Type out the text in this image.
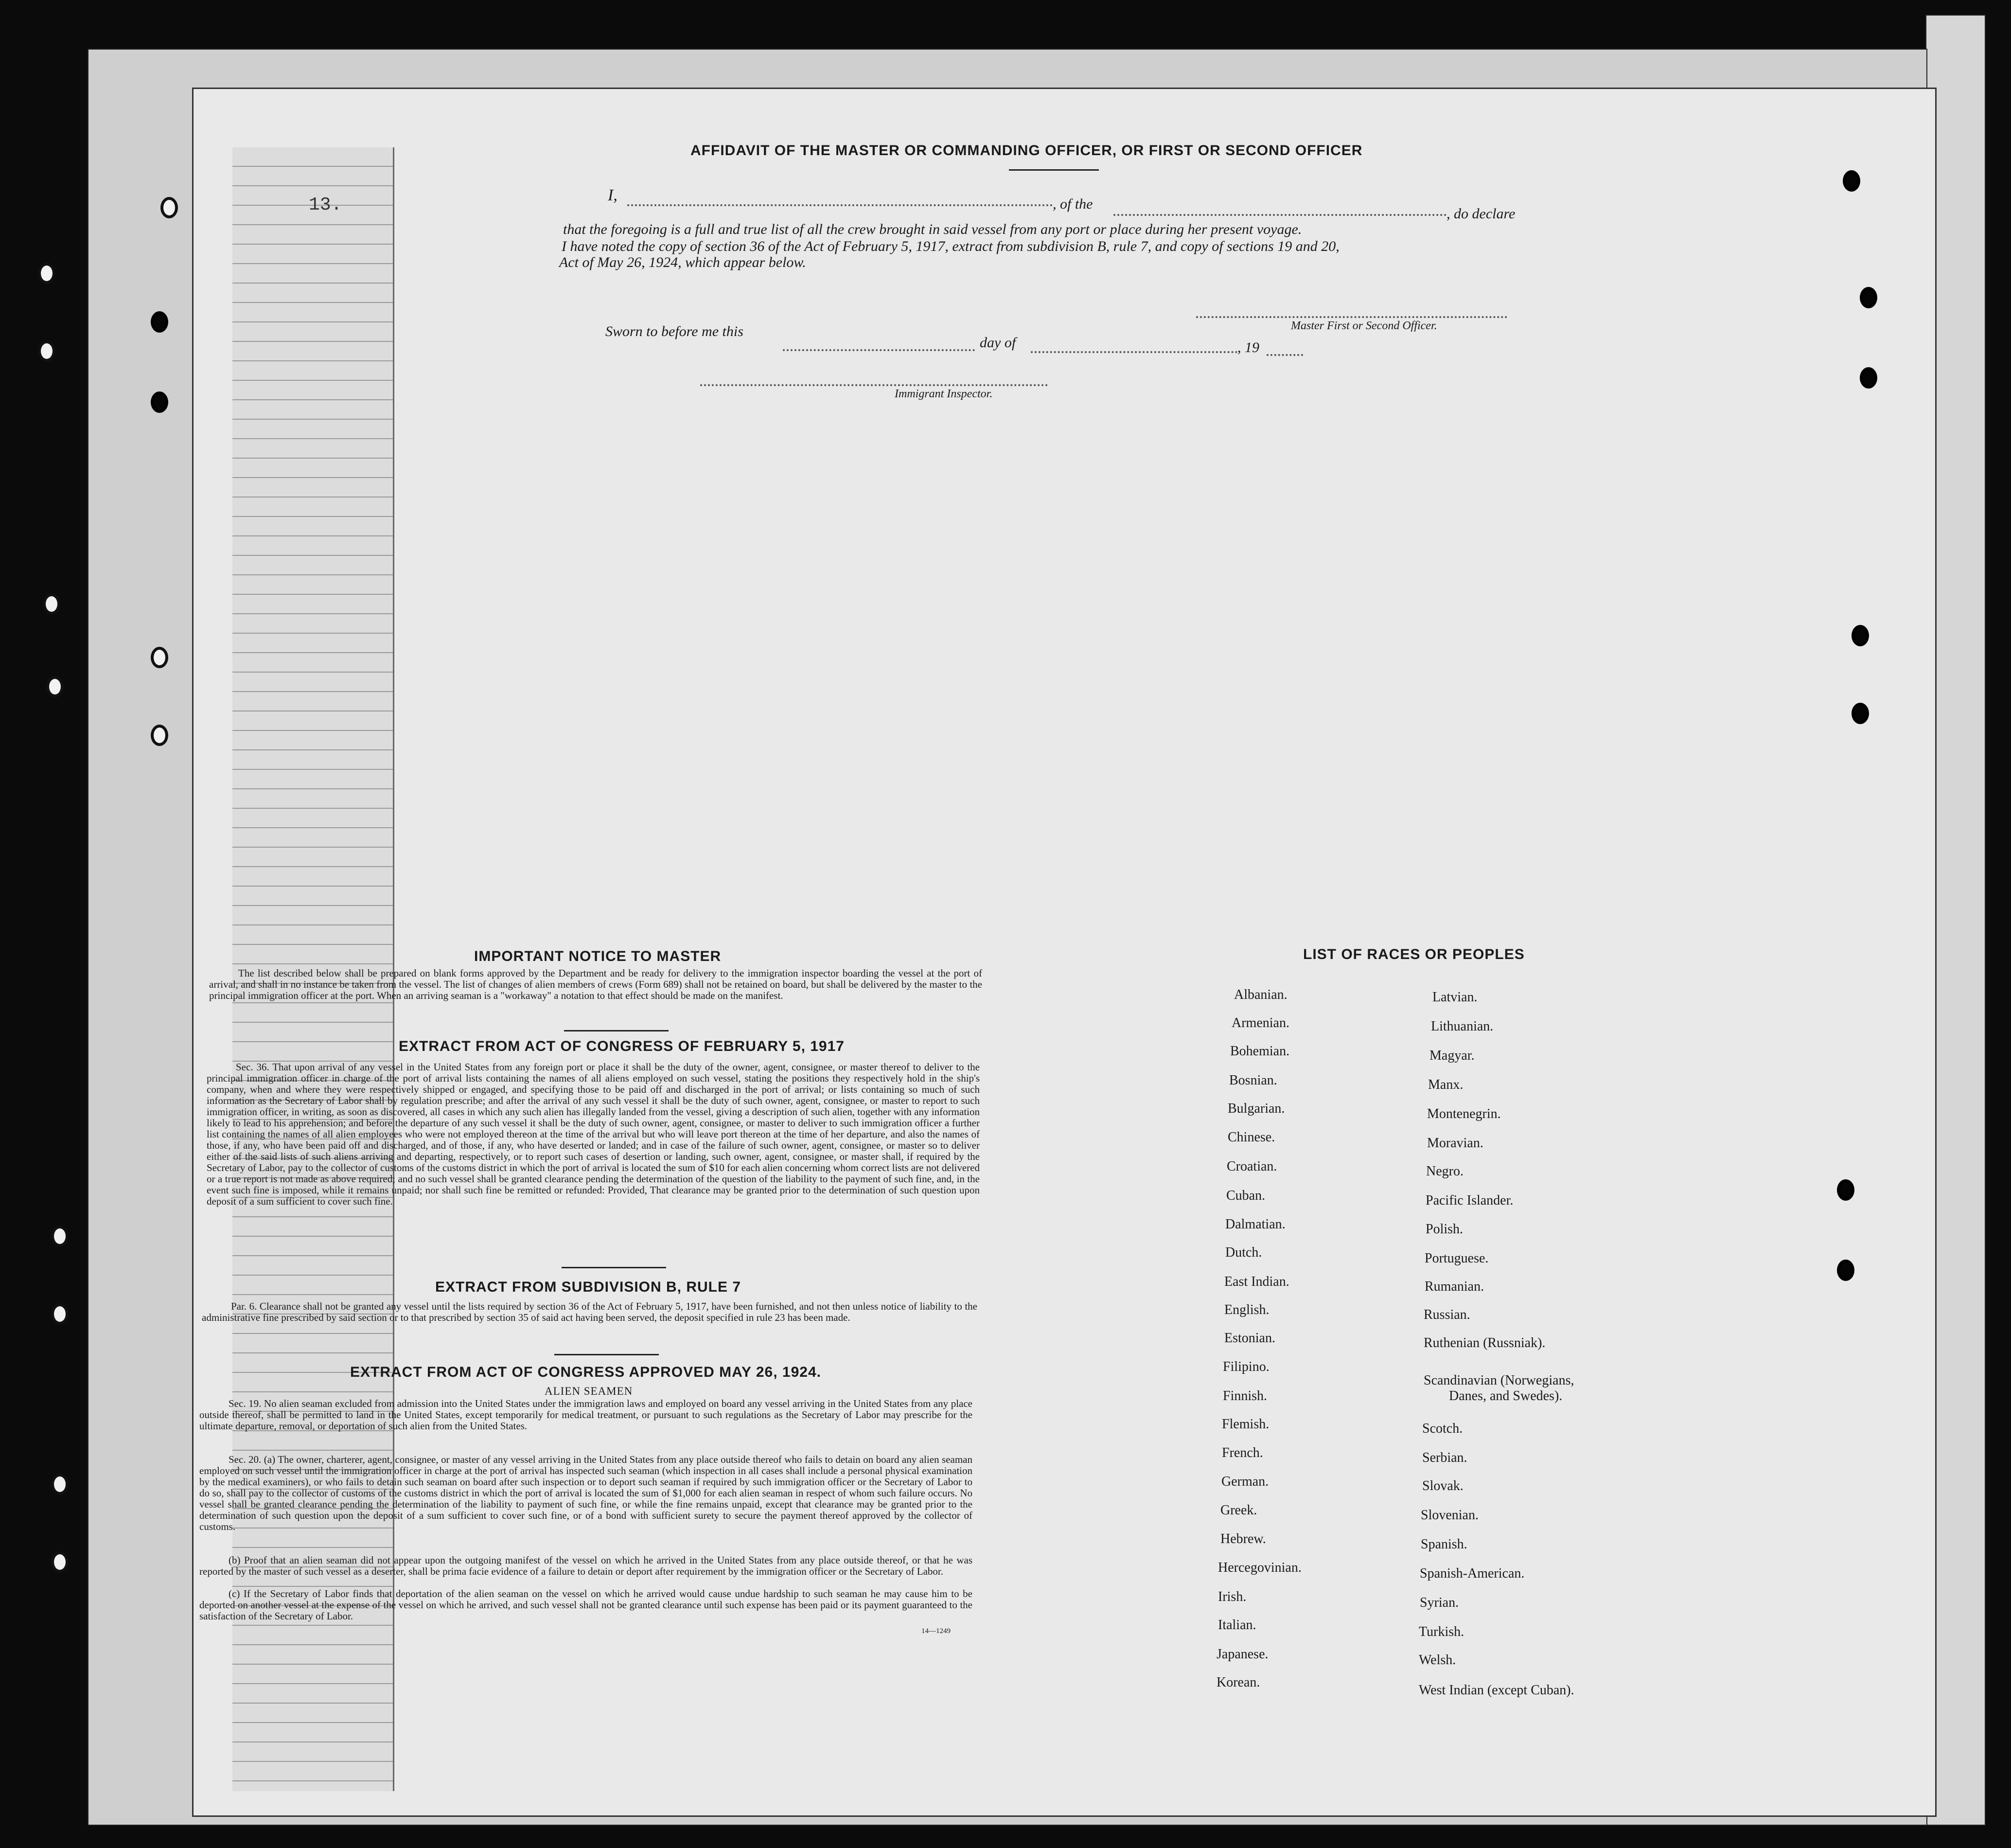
AFFIDAVIT OF THE MASTER OR COMMANDING OFFICER, OR FIRST OR SECOND OFFICER
13.	I,	, of the
, do declare
that the foregoing is a full and true list of all the crew brought in said vessel from any port or place during her present voyage.
I have noted the copy of section 36 of the Act of February 5, 1917, extract from subdivision B, rule 7, and copy of sections 19 and 20,
Act of May 26, 1924, which appear below.
Master First or Second Officer.
Sworn to before me this
day of	, 19
Immigrant Inspector.
IMPORTANT NOTICE TO MASTER
The list described below shall be prepared on blank forms approved by the Department and be ready for delivery to the immigration inspector boarding the vessel at the port of arrival, and shall in no instance be taken from the vessel. The list of changes of alien members of crews (Form 689) shall not be retained on board, but shall be delivered by the master to the principal immigration officer at the port. When an arriving seaman is a "workaway" a notation to that effect should be made on the manifest.
EXTRACT FROM ACT OF CONGRESS OF FEBRUARY 5, 1917
Sec. 36. That upon arrival of any vessel in the United States from any foreign port or place it shall be the duty of the owner, agent, consignee, or master thereof to deliver to the principal immigration officer in charge of the port of arrival lists containing the names of all aliens employed on such vessel, stating the positions they respectively hold in the ship's company, when and where they were respectively shipped or engaged, and specifying those to be paid off and discharged in the port of arrival; or lists containing so much of such information as the Secretary of Labor shall by regulation prescribe; and after the arrival of any such vessel it shall be the duty of such owner, agent, consignee, or master to report to such immigration officer, in writing, as soon as discovered, all cases in which any such alien has illegally landed from the vessel, giving a description of such alien, together with any information likely to lead to his apprehension; and before the departure of any such vessel it shall be the duty of such owner, agent, consignee, or master to deliver to such immigration officer a further list containing the names of all alien employees who were not employed thereon at the time of the arrival but who will leave port thereon at the time of her departure, and also the names of those, if any, who have been paid off and discharged, and of those, if any, who have deserted or landed; and in case of the failure of such owner, agent, consignee, or master so to deliver either of the said lists of such aliens arriving and departing, respectively, or to report such cases of desertion or landing, such owner, agent, consignee, or master shall, if required by the Secretary of Labor, pay to the collector of customs of the customs district in which the port of arrival is located the sum of $10 for each alien concerning whom correct lists are not delivered or a true report is not made as above required; and no such vessel shall be granted clearance pending the determination of the question of the liability to the payment of such fine, and, in the event such fine is imposed, while it remains unpaid; nor shall such fine be remitted or refunded: Provided, That clearance may be granted prior to the determination of such question upon deposit of a sum sufficient to cover such fine.
EXTRACT FROM SUBDIVISION B, RULE 7
Par. 6. Clearance shall not be granted any vessel until the lists required by section 36 of the Act of February 5, 1917, have been furnished, and not then unless notice of liability to the administrative fine prescribed by said section or to that prescribed by section 35 of said act having been served, the deposit specified in rule 23 has been made.
EXTRACT FROM ACT OF CONGRESS APPROVED MAY 26, 1924.
ALIEN SEAMEN
Sec. 19. No alien seaman excluded from admission into the United States under the immigration laws and employed on board any vessel arriving in the United States from any place outside thereof, shall be permitted to land in the United States, except temporarily for medical treatment, or pursuant to such regulations as the Secretary of Labor may prescribe for the ultimate departure, removal, or deportation of such alien from the United States.
Sec. 20. (a) The owner, charterer, agent, consignee, or master of any vessel arriving in the United States from any place outside thereof who fails to detain on board any alien seaman employed on such vessel until the immigration officer in charge at the port of arrival has inspected such seaman (which inspection in all cases shall include a personal physical examination by the medical examiners), or who fails to detain such seaman on board after such inspection or to deport such seaman if required by such immigration officer or the Secretary of Labor to do so, shall pay to the collector of customs of the customs district in which the port of arrival is located the sum of $1,000 for each alien seaman in respect of whom such failure occurs. No vessel shall be granted clearance pending the determination of the liability to payment of such fine, or while the fine remains unpaid, except that clearance may be granted prior to the determination of such question upon the deposit of a sum sufficient to cover such fine, or of a bond with sufficient surety to secure the payment thereof approved by the collector of customs.
(b) Proof that an alien seaman did not appear upon the outgoing manifest of the vessel on which he arrived in the United States from any place outside thereof, or that he was reported by the master of such vessel as a deserter, shall be prima facie evidence of a failure to detain or deport after requirement by the immigration officer or the Secretary of Labor.
(c) If the Secretary of Labor finds that deportation of the alien seaman on the vessel on which he arrived would cause undue hardship to such seaman he may cause him to be deported on another vessel at the expense of the vessel on which he arrived, and such vessel shall not be granted clearance until such expense has been paid or its payment guaranteed to the satisfaction of the Secretary of Labor.
14—1249
LIST OF RACES OR PEOPLES
Albanian.
Armenian.
Bohemian.
Bosnian.
Bulgarian.
Chinese.
Croatian.
Cuban.
Dalmatian.
Dutch.
East Indian.
English.
Estonian.
Filipino.
Finnish.
Flemish.
French.
German.
Greek.
Hebrew.
Hercegovinian.
Irish.
Italian.
Japanese.
Korean.
Latvian.
Lithuanian.
Magyar.
Manx.
Montenegrin.
Moravian.
Negro.
Pacific Islander.
Polish.
Portuguese.
Rumanian.
Russian.
Ruthenian (Russniak).
Scandinavian (Norwegians,
Danes, and Swedes).
Scotch.
Serbian.
Slovak.
Slovenian.
Spanish.
Spanish-American.
Syrian.
Turkish.
Welsh.
West Indian (except Cuban).
